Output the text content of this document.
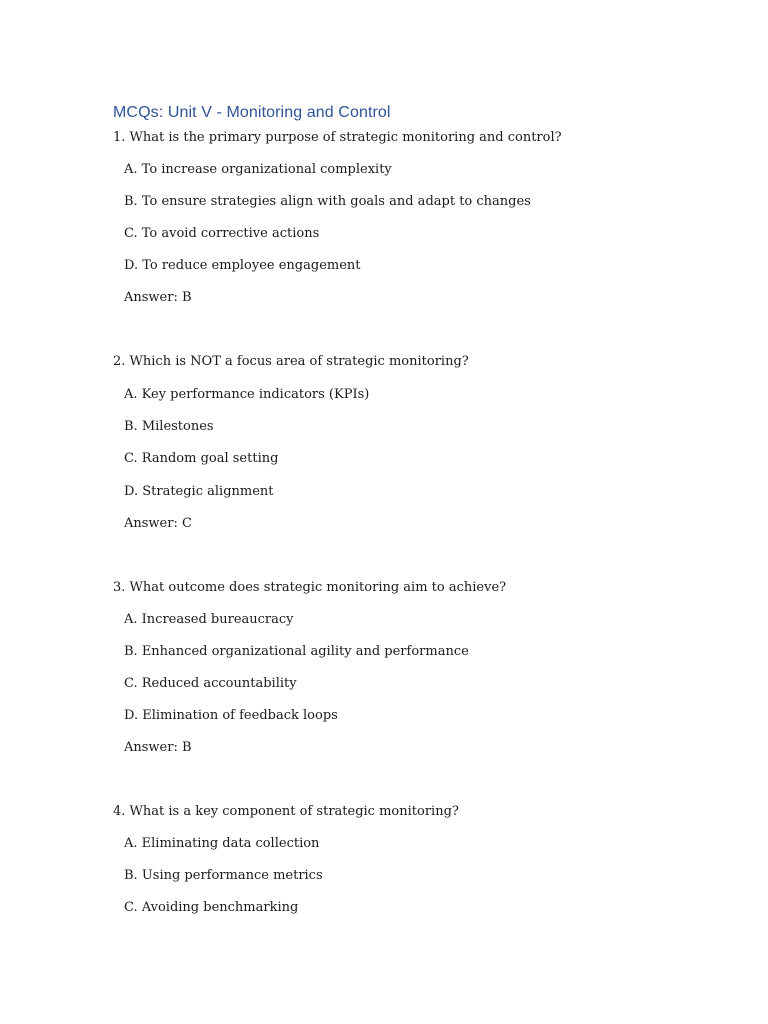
MCQs: Unit V - Monitoring and Control
1. What is the primary purpose of strategic monitoring and control?
A. To increase organizational complexity
B. To ensure strategies align with goals and adapt to changes
C. To avoid corrective actions
D. To reduce employee engagement
Answer: B
2. Which is NOT a focus area of strategic monitoring?
A. Key performance indicators (KPIs)
B. Milestones
C. Random goal setting
D. Strategic alignment
Answer: C
3. What outcome does strategic monitoring aim to achieve?
A. Increased bureaucracy
B. Enhanced organizational agility and performance
C. Reduced accountability
D. Elimination of feedback loops
Answer: B
4. What is a key component of strategic monitoring?
A. Eliminating data collection
B. Using performance metrics
C. Avoiding benchmarking
